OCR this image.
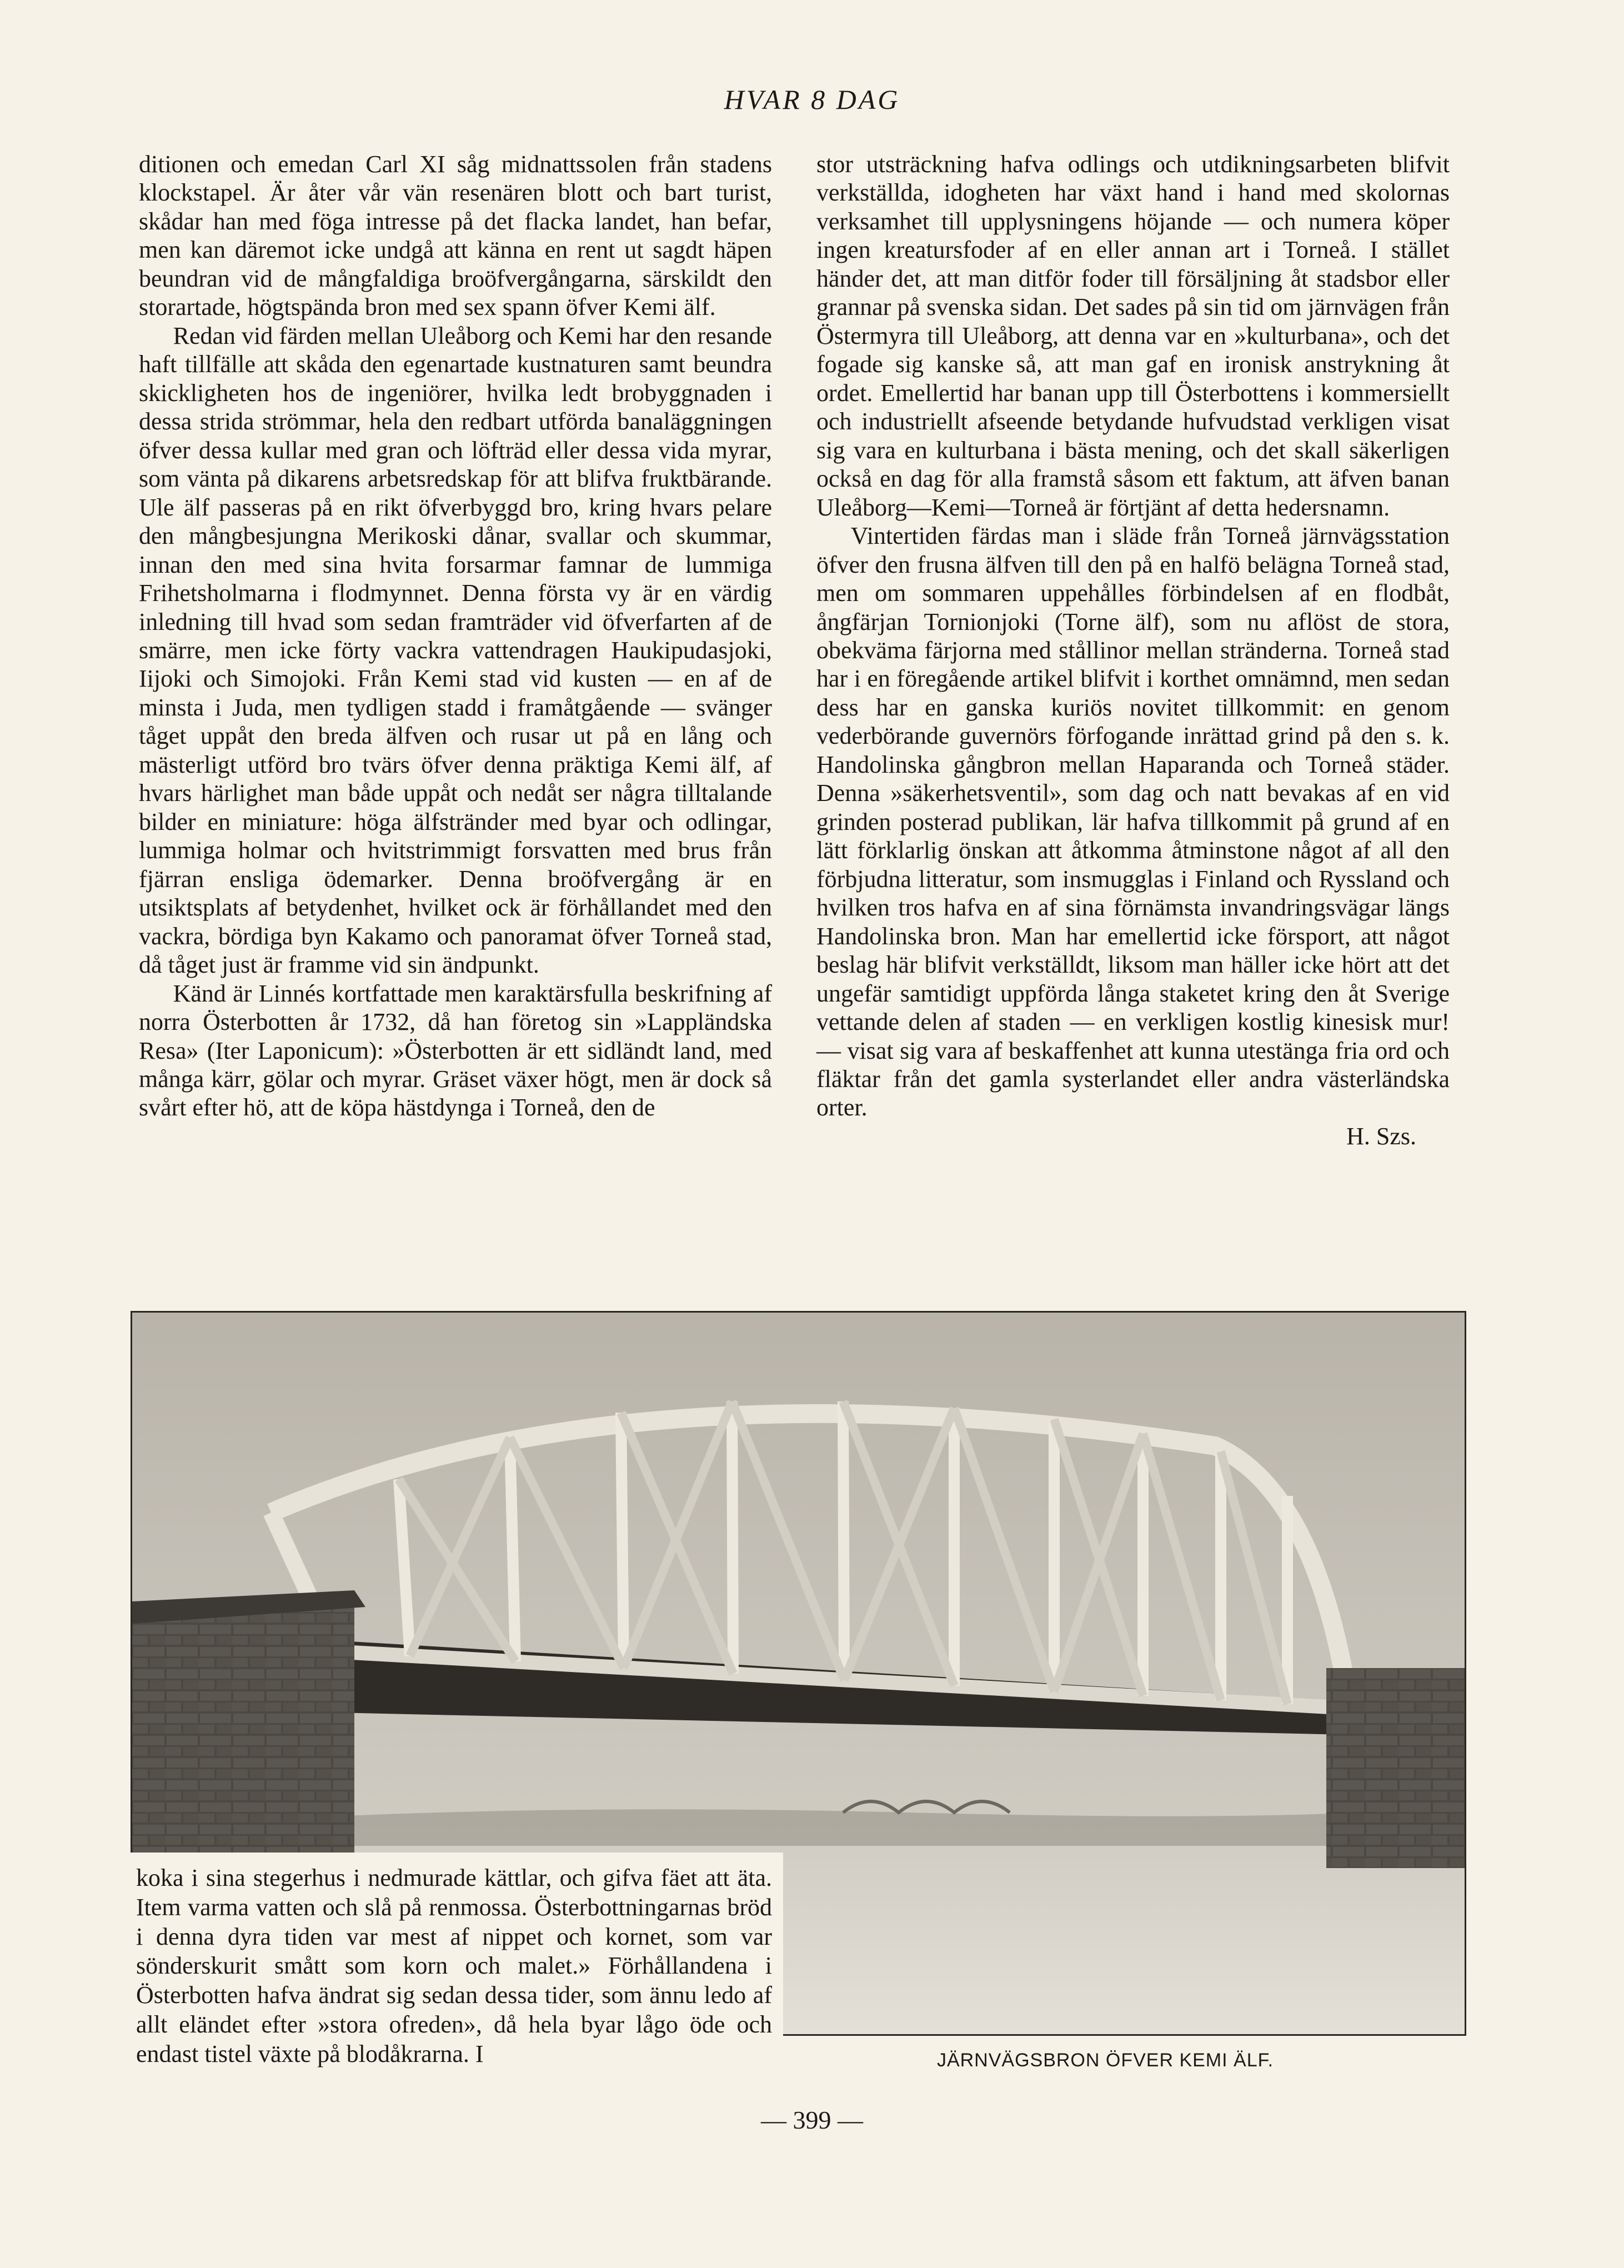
HVAR 8 DAG

ditionen och emedan Carl XI såg midnattssolen från stadens klockstapel. Är åter vår vän resenären blott och bart turist, skådar han med föga intresse på det flacka landet, han befar, men kan däremot icke undgå att känna en rent ut sagdt häpen beundran vid de mångfaldiga broöfvergångarna, särskildt den storartade, högtspända bron med sex spann öfver Kemi älf.

Redan vid färden mellan Uleåborg och Kemi har den resande haft tillfälle att skåda den egenartade kustnaturen samt beundra skickligheten hos de ingeniörer, hvilka ledt brobyggnaden i dessa strida strömmar, hela den redbart utförda banaläggningen öfver dessa kullar med gran och löfträd eller dessa vida myrar, som vänta på dikarens arbetsredskap för att blifva fruktbärande. Ule älf passeras på en rikt öfverbyggd bro, kring hvars pelare den mångbesjungna Merikoski dånar, svallar och skummar, innan den med sina hvita forsarmar famnar de lummiga Frihetsholmarna i flodmynnet. Denna första vy är en värdig inledning till hvad som sedan framträder vid öfverfarten af de smärre, men icke förty vackra vattendragen Haukipudasjoki, Iijoki och Simojoki. Från Kemi stad vid kusten — en af de minsta i Juda, men tydligen stadd i framåtgående — svänger tåget uppåt den breda älfven och rusar ut på en lång och mästerligt utförd bro tvärs öfver denna präktiga Kemi älf, af hvars härlighet man både uppåt och nedåt ser några tilltalande bilder en miniature: höga älfstränder med byar och odlingar, lummiga holmar och hvitstrimmigt forsvatten med brus från fjärran ensliga ödemarker. Denna broöfvergång är en utsiktsplats af betydenhet, hvilket ock är förhållandet med den vackra, bördiga byn Kakamo och panoramat öfver Torneå stad, då tåget just är framme vid sin ändpunkt.

Känd är Linnés kortfattade men karaktärsfulla beskrifning af norra Österbotten år 1732, då han företog sin »Lappländska Resa» (Iter Laponicum): »Österbotten är ett sidländt land, med många kärr, gölar och myrar. Gräset växer högt, men är dock så svårt efter hö, att de köpa hästdynga i Torneå, den de

stor utsträckning hafva odlings och utdikningsarbeten blifvit verkställda, idogheten har växt hand i hand med skolornas verksamhet till upplysningens höjande — och numera köper ingen kreatursfoder af en eller annan art i Torneå. I stället händer det, att man ditför foder till försäljning åt stadsbor eller grannar på svenska sidan. Det sades på sin tid om järnvägen från Östermyra till Uleåborg, att denna var en »kulturbana», och det fogade sig kanske så, att man gaf en ironisk anstrykning åt ordet. Emellertid har banan upp till Österbottens i kommersiellt och industriellt afseende betydande hufvudstad verkligen visat sig vara en kulturbana i bästa mening, och det skall säkerligen också en dag för alla framstå såsom ett faktum, att äfven banan Uleåborg—Kemi—Torneå är förtjänt af detta hedersnamn.

Vintertiden färdas man i släde från Torneå järnvägsstation öfver den frusna älfven till den på en halfö belägna Torneå stad, men om sommaren uppehålles förbindelsen af en flodbåt, ångfärjan Tornionjoki (Torne älf), som nu aflöst de stora, obekväma färjorna med stållinor mellan stränderna. Torneå stad har i en föregående artikel blifvit i korthet omnämnd, men sedan dess har en ganska kuriös novitet tillkommit: en genom vederbörande guvernörs förfogande inrättad grind på den s. k. Handolinska gångbron mellan Haparanda och Torneå städer. Denna »säkerhetsventil», som dag och natt bevakas af en vid grinden posterad publikan, lär hafva tillkommit på grund af en lätt förklarlig önskan att åtkomma åtminstone något af all den förbjudna litteratur, som insmugglas i Finland och Ryssland och hvilken tros hafva en af sina förnämsta invandringsvägar längs Handolinska bron. Man har emellertid icke försport, att något beslag här blifvit verkställdt, liksom man häller icke hört att det ungefär samtidigt uppförda långa staketet kring den åt Sverige vettande delen af staden — en verkligen kostlig kinesisk mur! — visat sig vara af beskaffenhet att kunna utestänga fria ord och fläktar från det gamla systerlandet eller andra västerländska orter.

H. Szs.

koka i sina stegerhus i nedmurade kättlar, och gifva fäet att äta. Item varma vatten och slå på renmossa. Österbottningarnas bröd i denna dyra tiden var mest af nippet och kornet, som var sönderskurit smått som korn och malet.» Förhållandena i Österbotten hafva ändrat sig sedan dessa tider, som ännu ledo af allt eländet efter »stora ofreden», då hela byar lågo öde och endast tistel växte på blodåkrarna. I	JÄRNVÄGSBRON ÖFVER KEMI ÄLF.
— 399 —
